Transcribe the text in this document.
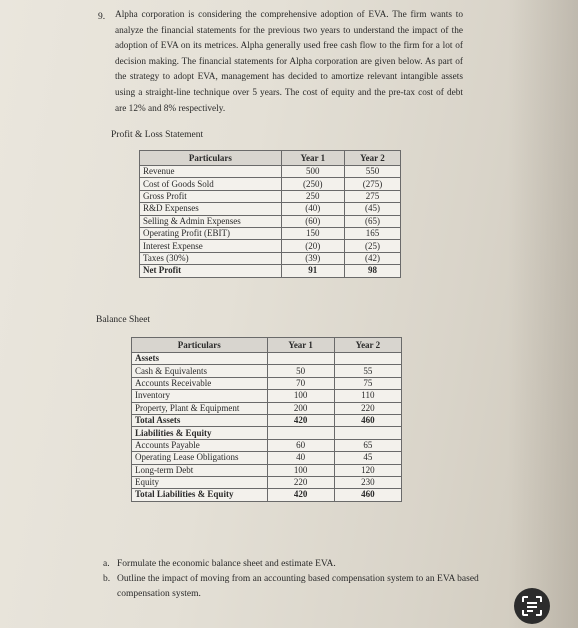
9. Alpha corporation is considering the comprehensive adoption of EVA. The firm wants to analyze the financial statements for the previous two years to understand the impact of the adoption of EVA on its metrices. Alpha generally used free cash flow to the firm for a lot of decision making. The financial statements for Alpha corporation are given below. As part of the strategy to adopt EVA, management has decided to amortize relevant intangible assets using a straight-line technique over 5 years. The cost of equity and the pre-tax cost of debt are 12% and 8% respectively.

Profit & Loss Statement

Particulars	Year 1	Year 2
Revenue	500	550
Cost of Goods Sold	(250)	(275)
Gross Profit	250	275
R&D Expenses	(40)	(45)
Selling & Admin Expenses	(60)	(65)
Operating Profit (EBIT)	150	165
Interest Expense	(20)	(25)
Taxes (30%)	(39)	(42)
Net Profit	91	98

Balance Sheet

Particulars	Year 1	Year 2
Assets		
Cash & Equivalents	50	55
Accounts Receivable	70	75
Inventory	100	110
Property, Plant & Equipment	200	220
Total Assets	420	460
Liabilities & Equity		
Accounts Payable	60	65
Operating Lease Obligations	40	45
Long-term Debt	100	120
Equity	220	230
Total Liabilities & Equity	420	460
a. Formulate the economic balance sheet and estimate EVA.
b. Outline the impact of moving from an accounting based compensation system to an EVA based compensation system.
